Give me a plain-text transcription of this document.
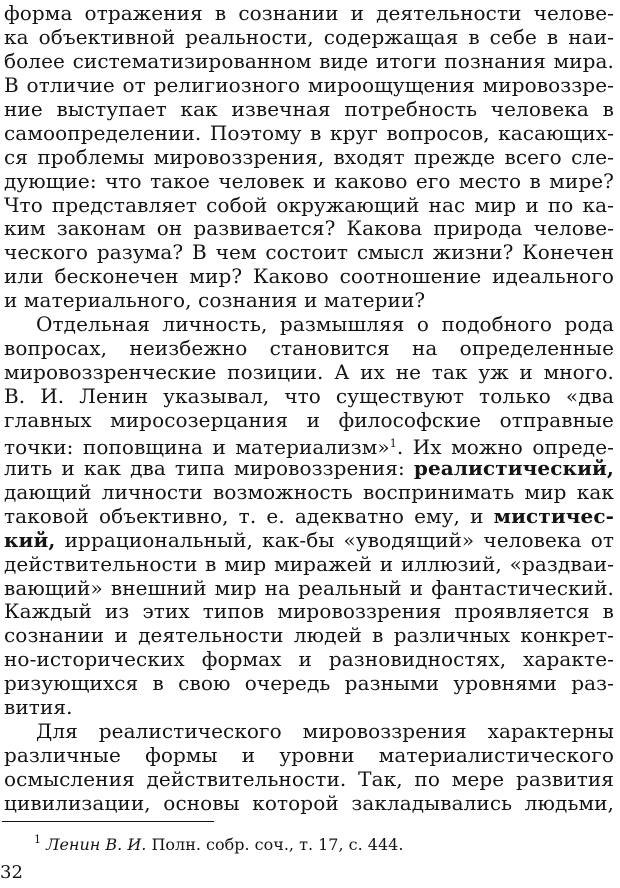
форма отражения в сознании и деятельности челове-
ка объективной реальности, содержащая в себе в наи-
более систематизированном виде итоги познания мира.
В отличие от религиозного мироощущения мировоззре-
ние выступает как извечная потребность человека в
самоопределении. Поэтому в круг вопросов, касающих-
ся проблемы мировоззрения, входят прежде всего сле-
дующие: что такое человек и каково его место в мире?
Что представляет собой окружающий нас мир и по ка-
ким законам он развивается? Какова природа челове-
ческого разума? В чем состоит смысл жизни? Конечен
или бесконечен мир? Каково соотношение идеального
и материального, сознания и материи?
Отдельная личность, размышляя о подобного рода
вопросах, неизбежно становится на определенные
мировоззренческие позиции. А их не так уж и много.
В. И. Ленин указывал, что существуют только «два
главных миросозерцания и философские отправные
точки: поповщина и материализм»$^1$. Их можно опреде-
лить и как два типа мировоззрения: реалистический,
дающий личности возможность воспринимать мир как
таковой объективно, т. е. адекватно ему, и мистичес-
кий, иррациональный, как-бы «уводящий» человека от
действительности в мир миражей и иллюзий, «раздваи-
вающий» внешний мир на реальный и фантастический.
Каждый из этих типов мировоззрения проявляется в
сознании и деятельности людей в различных конкрет-
но-исторических формах и разновидностях, характе-
ризующихся в свою очередь разными уровнями раз-
вития.
Для реалистического мировоззрения характерны
различные формы и уровни материалистического
осмысления действительности. Так, по мере развития
цивилизации, основы которой закладывались людьми,
$^1$ Ленин В. И. Полн. собр. соч., т. 17, с. 444.
32
